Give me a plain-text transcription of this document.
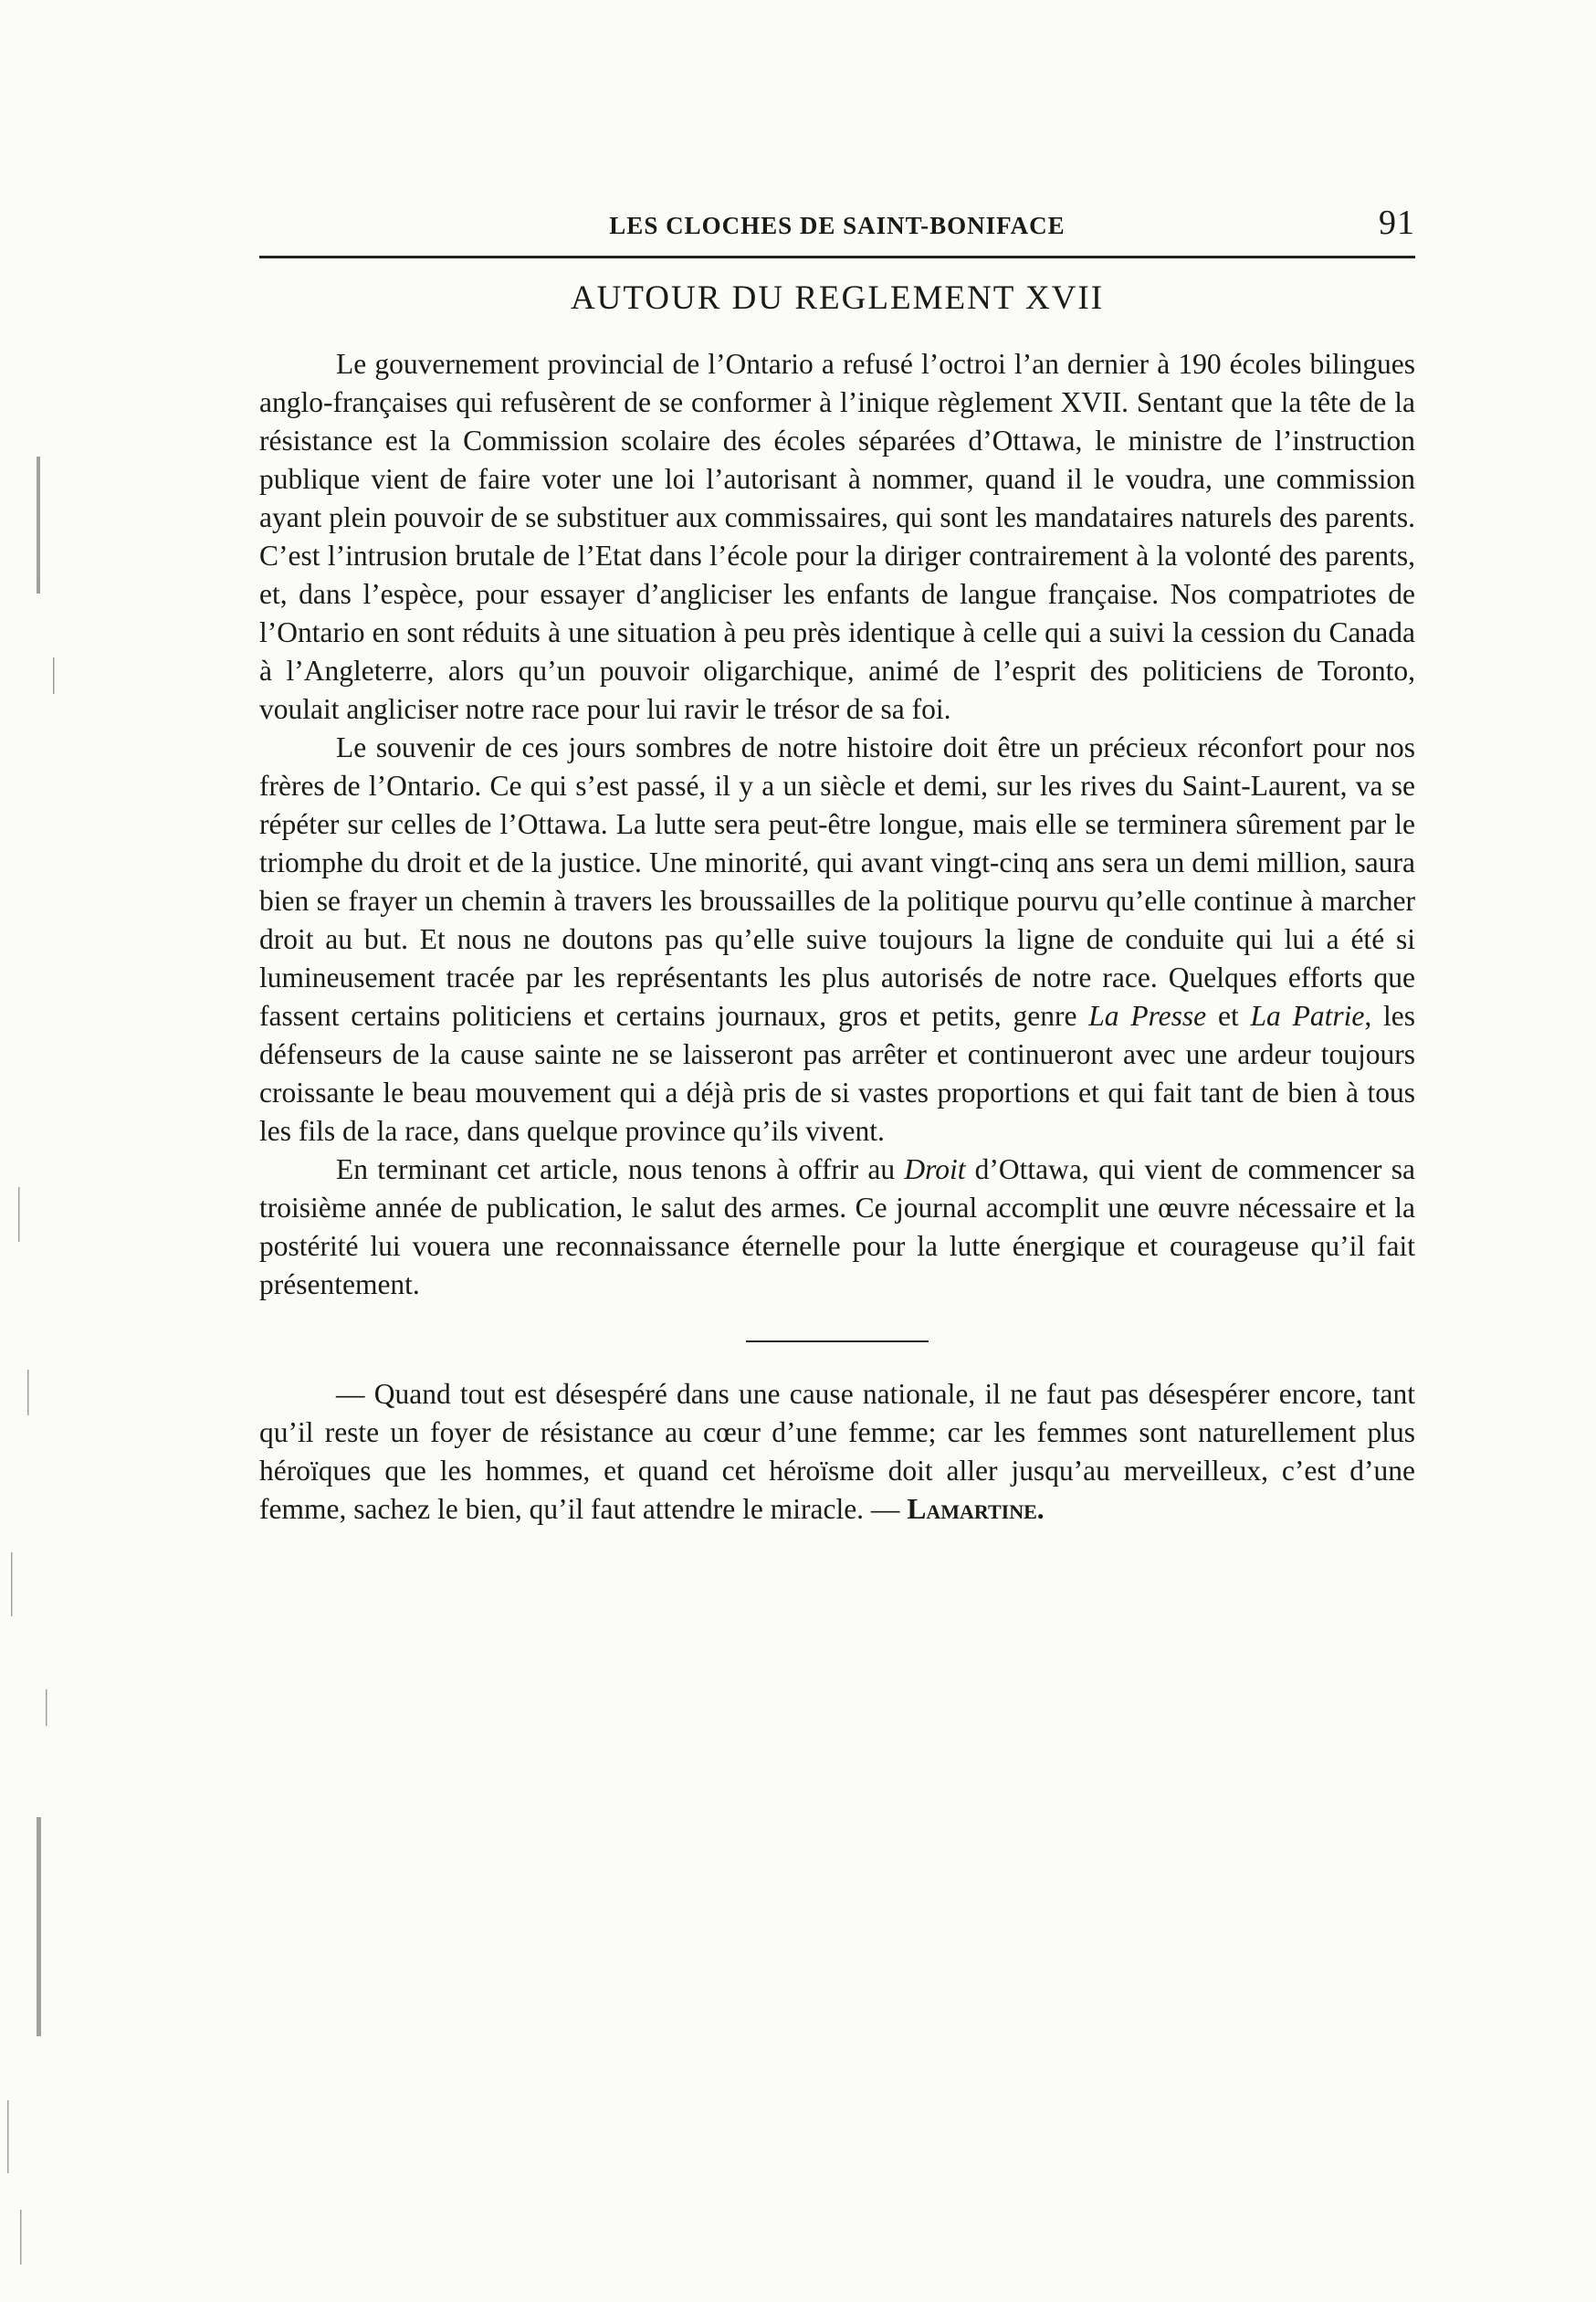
LES CLOCHES DE SAINT-BONIFACE	91
AUTOUR DU REGLEMENT XVII

Le gouvernement provincial de l’Ontario a refusé l’octroi l’an dernier à 190 écoles bilingues anglo-françaises qui refusèrent de se conformer à l’inique règlement XVII. Sentant que la tête de la résistance est la Commission scolaire des écoles séparées d’Ottawa, le ministre de l’instruction publique vient de faire voter une loi l’autorisant à nommer, quand il le voudra, une commission ayant plein pouvoir de se substituer aux commissaires, qui sont les mandataires naturels des parents. C’est l’intrusion brutale de l’Etat dans l’école pour la diriger contrairement à la volonté des parents, et, dans l’espèce, pour essayer d’angliciser les enfants de langue française. Nos compatriotes de l’Ontario en sont réduits à une situation à peu près identique à celle qui a suivi la cession du Canada à l’Angleterre, alors qu’un pouvoir oligarchique, animé de l’esprit des politiciens de Toronto, voulait angliciser notre race pour lui ravir le trésor de sa foi.

Le souvenir de ces jours sombres de notre histoire doit être un précieux réconfort pour nos frères de l’Ontario. Ce qui s’est passé, il y a un siècle et demi, sur les rives du Saint-Laurent, va se répéter sur celles de l’Ottawa. La lutte sera peut-être longue, mais elle se terminera sûrement par le triomphe du droit et de la justice. Une minorité, qui avant vingt-cinq ans sera un demi million, saura bien se frayer un chemin à travers les broussailles de la politique pourvu qu’elle continue à marcher droit au but. Et nous ne doutons pas qu’elle suive toujours la ligne de conduite qui lui a été si lumineusement tracée par les représentants les plus autorisés de notre race. Quelques efforts que fassent certains politiciens et certains journaux, gros et petits, genre La Presse et La Patrie, les défenseurs de la cause sainte ne se laisseront pas arrêter et continueront avec une ardeur toujours croissante le beau mouvement qui a déjà pris de si vastes proportions et qui fait tant de bien à tous les fils de la race, dans quelque province qu’ils vivent.

En terminant cet article, nous tenons à offrir au Droit d’Ottawa, qui vient de commencer sa troisième année de publication, le salut des armes. Ce journal accomplit une œuvre nécessaire et la postérité lui vouera une reconnaissance éternelle pour la lutte énergique et courageuse qu’il fait présentement.

— Quand tout est désespéré dans une cause nationale, il ne faut pas désespérer encore, tant qu’il reste un foyer de résistance au cœur d’une femme; car les femmes sont naturellement plus héroïques que les hommes, et quand cet héroïsme doit aller jusqu’au merveilleux, c’est d’une femme, sachez le bien, qu’il faut attendre le miracle. — Lamartine.
